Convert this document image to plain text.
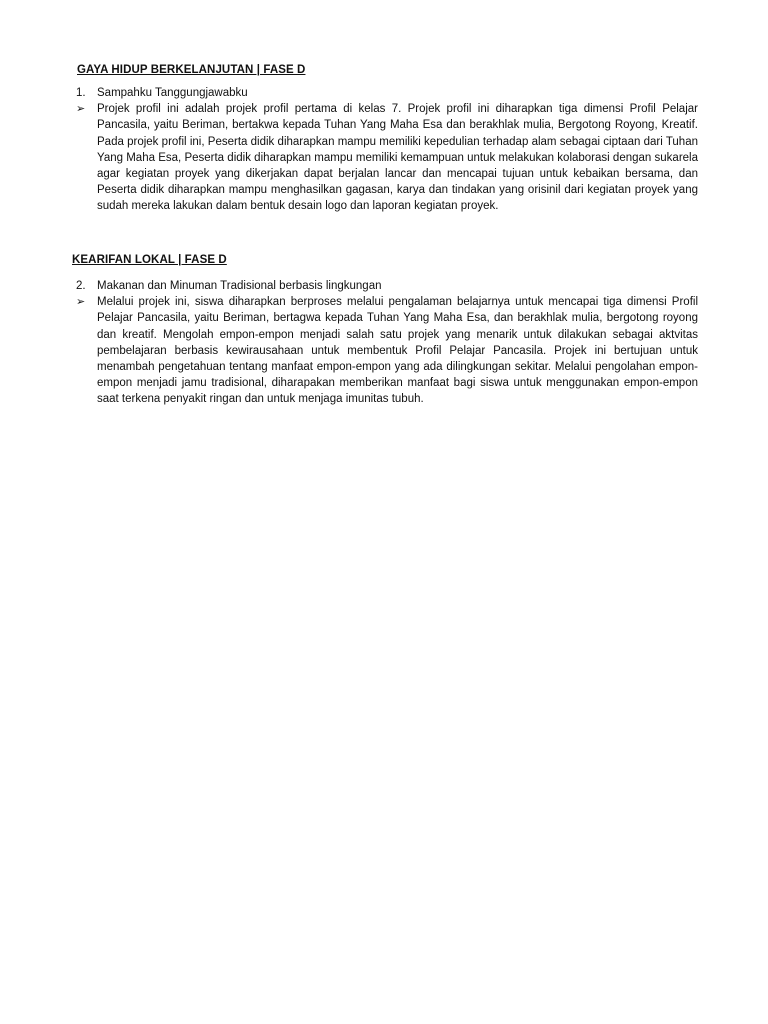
GAYA HIDUP BERKELANJUTAN | FASE D
1. Sampahku Tanggungjawabku
➢	Projek profil ini adalah projek profil pertama di kelas 7. Projek profil ini diharapkan tiga dimensi Profil Pelajar Pancasila, yaitu Beriman, bertakwa kepada Tuhan Yang Maha Esa dan berakhlak mulia, Bergotong Royong, Kreatif. Pada projek profil ini, Peserta didik diharapkan mampu memiliki kepedulian terhadap alam sebagai ciptaan dari Tuhan Yang Maha Esa, Peserta didik diharapkan mampu memiliki kemampuan untuk melakukan kolaborasi dengan sukarela agar kegiatan proyek yang dikerjakan dapat berjalan lancar dan mencapai tujuan untuk kebaikan bersama, dan Peserta didik diharapkan mampu menghasilkan gagasan, karya dan tindakan yang orisinil dari kegiatan proyek yang sudah mereka lakukan dalam bentuk desain logo dan laporan kegiatan proyek.
KEARIFAN LOKAL | FASE D
2. Makanan dan Minuman Tradisional berbasis lingkungan
➢	Melalui projek ini, siswa diharapkan berproses melalui pengalaman belajarnya untuk mencapai tiga dimensi Profil Pelajar Pancasila, yaitu Beriman, bertagwa kepada Tuhan Yang Maha Esa, dan berakhlak mulia, bergotong royong dan kreatif. Mengolah empon-empon menjadi salah satu projek yang menarik untuk dilakukan sebagai aktvitas pembelajaran berbasis kewirausahaan untuk membentuk Profil Pelajar Pancasila. Projek ini bertujuan untuk menambah pengetahuan tentang manfaat empon-empon yang ada dilingkungan sekitar. Melalui pengolahan empon-empon menjadi jamu tradisional, diharapakan memberikan manfaat bagi siswa untuk menggunakan empon-empon saat terkena penyakit ringan dan untuk menjaga imunitas tubuh.
